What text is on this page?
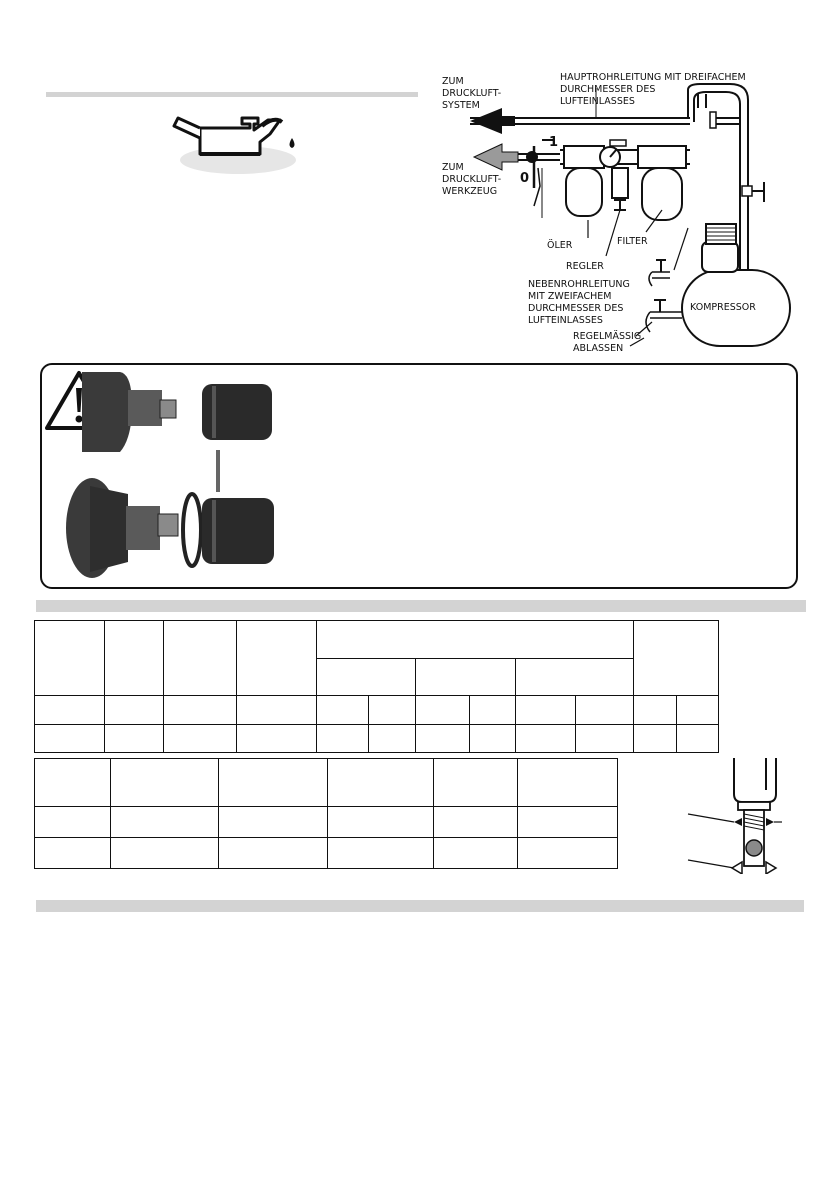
ZUM
DRUCKLUFT-
SYSTEM
HAUPTROHRLEITUNG MIT DREIFACHEM
DURCHMESSER DES
LUFTEINLASSES
ZUM
DRUCKLUFT-
WERKZEUG
1
0
ÖLER	FILTER
REGLER
NEBENROHRLEITUNG
MIT ZWEIFACHEM
DURCHMESSER DES
LUFTEINLASSES
KOMPRESSOR
REGELMÄSSIG
ABLASSEN
